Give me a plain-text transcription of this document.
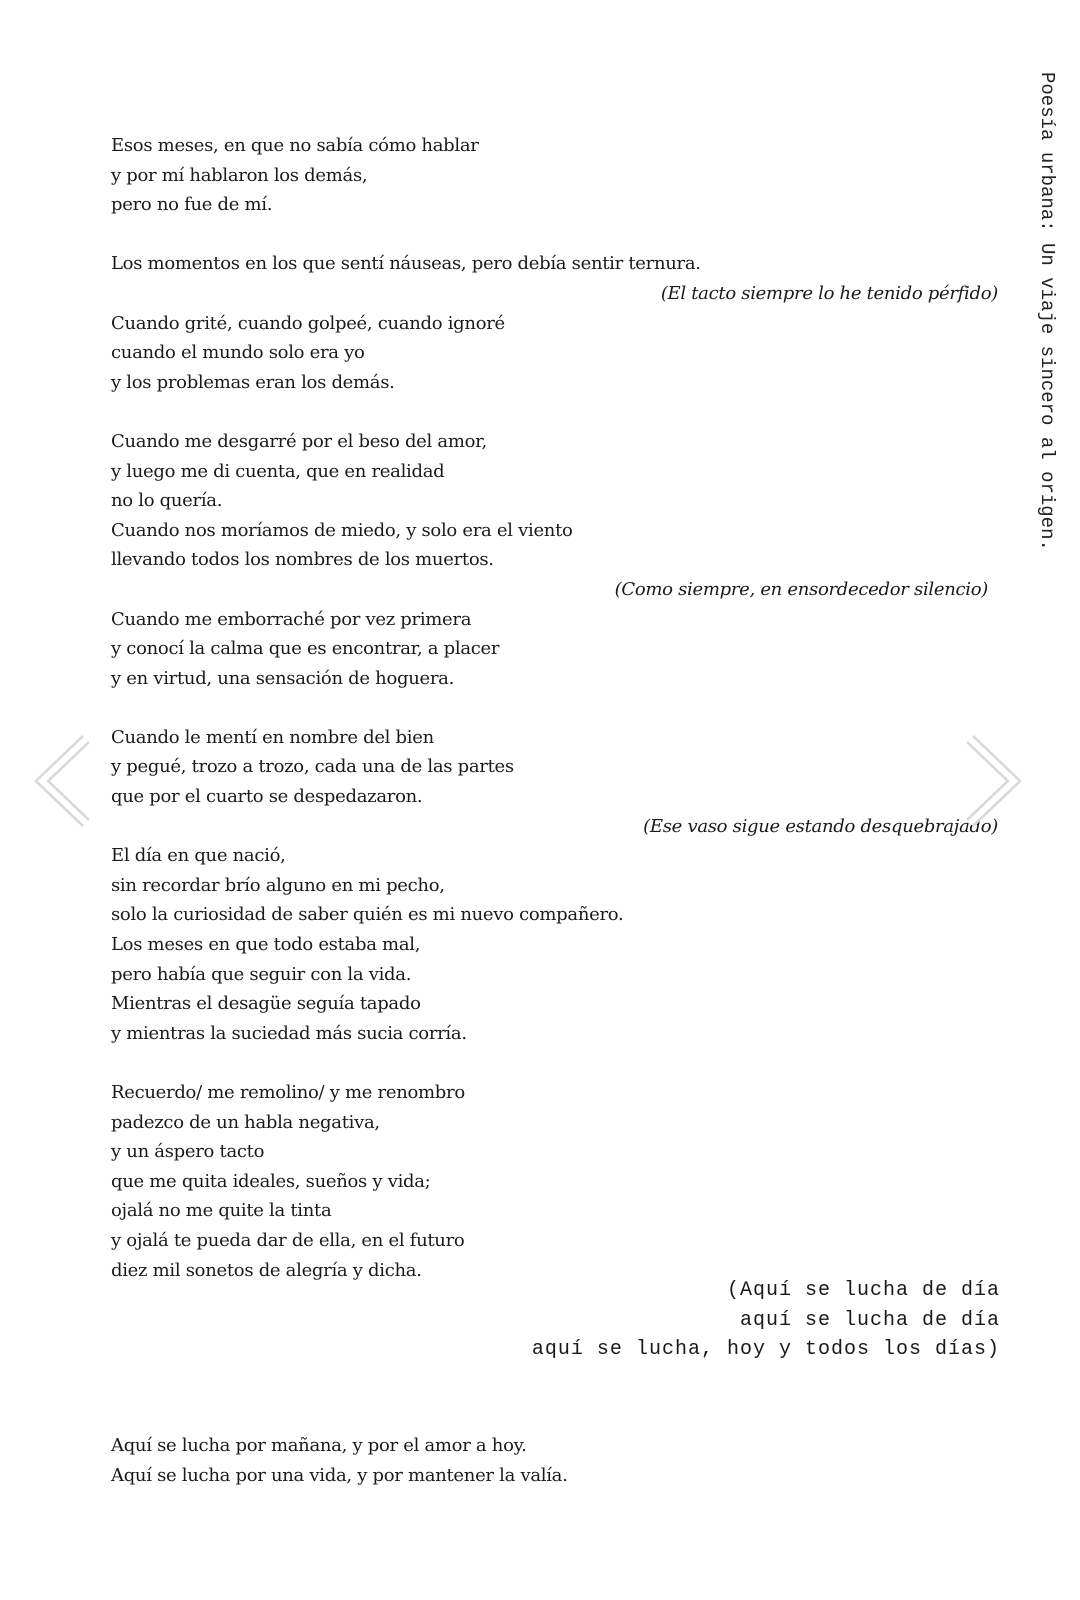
Poesía urbana: Un viaje sincero al origen.
Esos meses, en que no sabía cómo hablar
y por mí hablaron los demás,
pero no fue de mí.
Los momentos en los que sentí náuseas, pero debía sentir ternura.
(El tacto siempre lo he tenido pérfido)
Cuando grité, cuando golpeé, cuando ignoré
cuando el mundo solo era yo
y los problemas eran los demás.
Cuando me desgarré por el beso del amor,
y luego me di cuenta, que en realidad
no lo quería.
Cuando nos moríamos de miedo, y solo era el viento
llevando todos los nombres de los muertos.
(Como siempre, en ensordecedor silencio)
Cuando me emborraché por vez primera
y conocí la calma que es encontrar, a placer
y en virtud, una sensación de hoguera.
Cuando le mentí en nombre del bien
y pegué, trozo a trozo, cada una de las partes
que por el cuarto se despedazaron.
(Ese vaso sigue estando desquebrajado)
El día en que nació,
sin recordar brío alguno en mi pecho,
solo la curiosidad de saber quién es mi nuevo compañero.
Los meses en que todo estaba mal,
pero había que seguir con la vida.
Mientras el desagüe seguía tapado
y mientras la suciedad más sucia corría.
Recuerdo/ me remolino/ y me renombro
padezco de un habla negativa,
y un áspero tacto
que me quita ideales, sueños y vida;
ojalá no me quite la tinta
y ojalá te pueda dar de ella, en el futuro
diez mil sonetos de alegría y dicha.
(Aquí se lucha de día
aquí se lucha de día
aquí se lucha, hoy y todos los días)
Aquí se lucha por mañana, y por el amor a hoy.
Aquí se lucha por una vida, y por mantener la valía.
